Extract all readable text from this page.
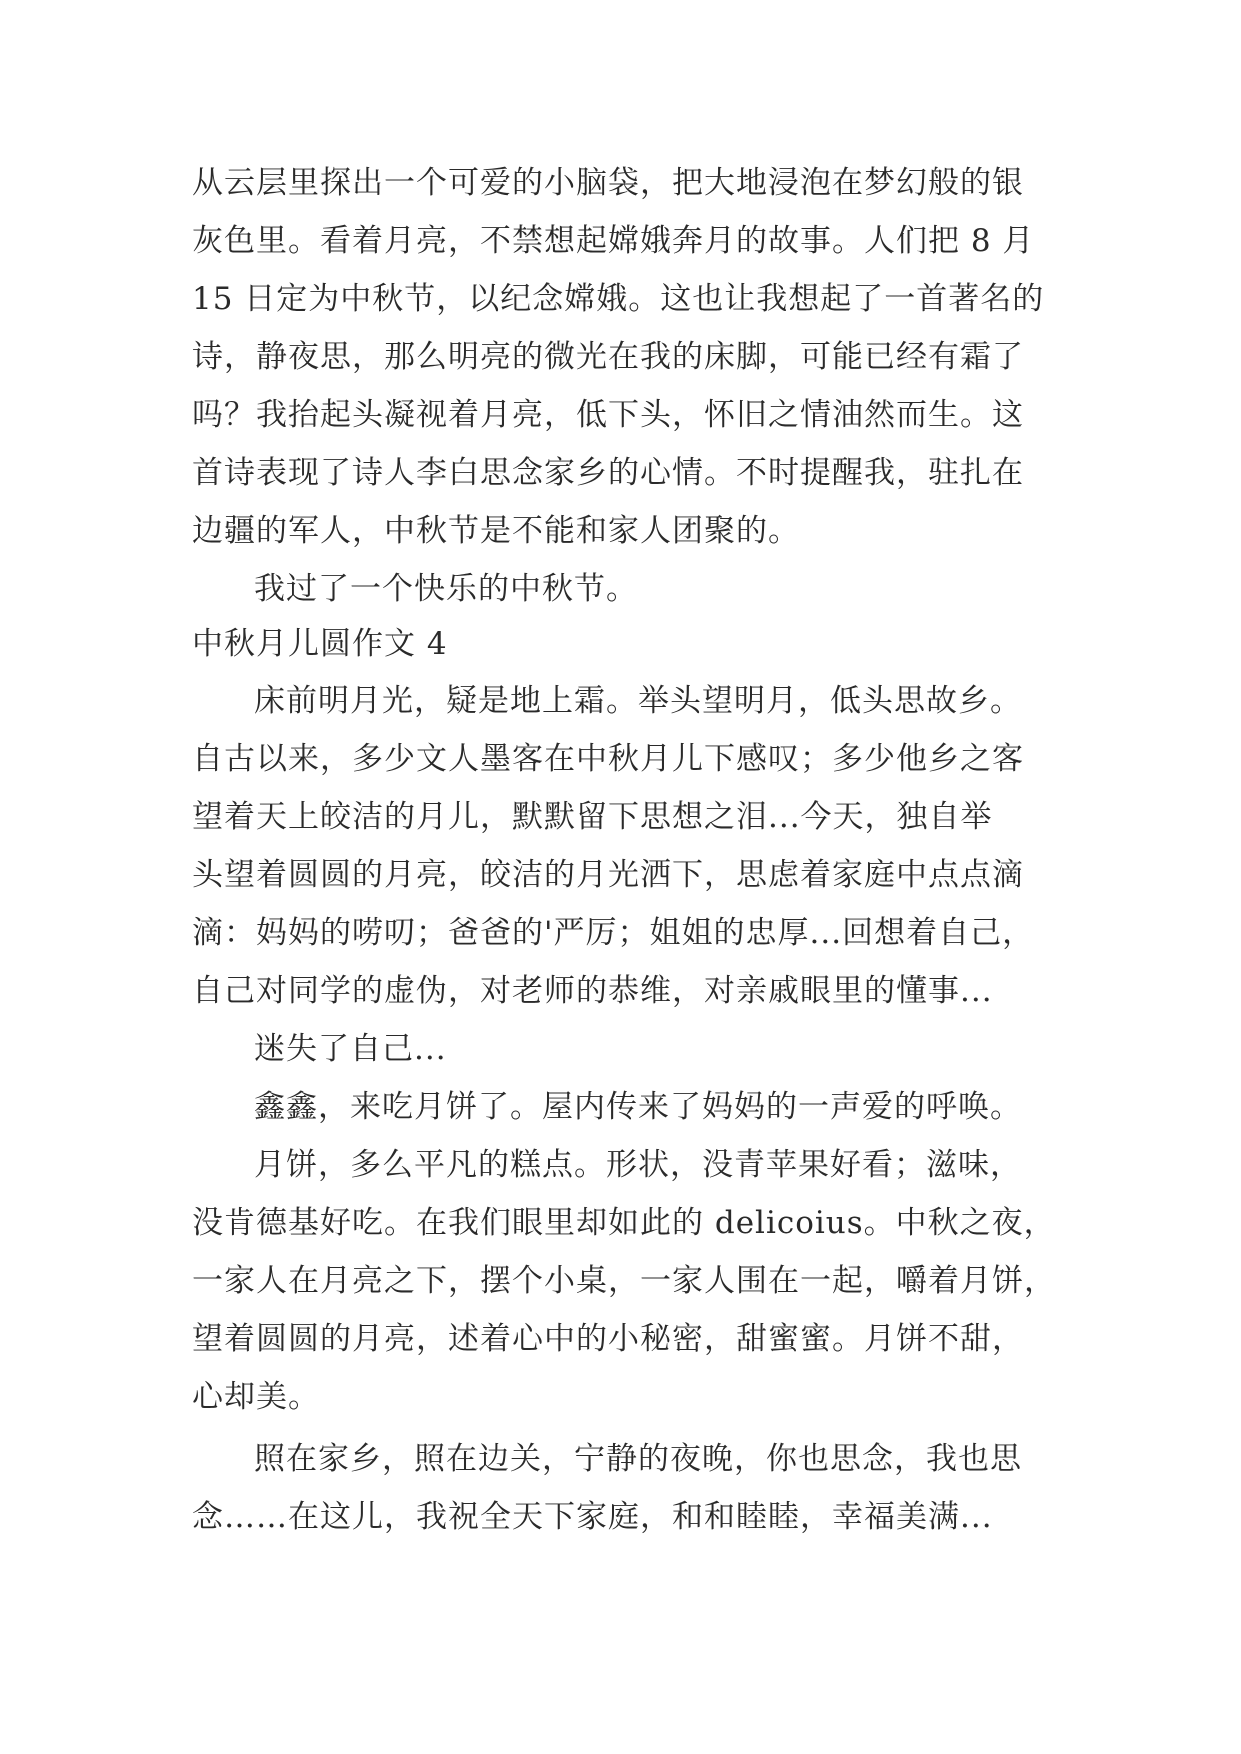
从云层里探出一个可爱的小脑袋，把大地浸泡在梦幻般的银
灰色里。看着月亮，不禁想起嫦娥奔月的故事。人们把 8 月
15 日定为中秋节，以纪念嫦娥。这也让我想起了一首著名的
诗，静夜思，那么明亮的微光在我的床脚，可能已经有霜了
吗？我抬起头凝视着月亮，低下头，怀旧之情油然而生。这
首诗表现了诗人李白思念家乡的心情。不时提醒我，驻扎在
边疆的军人，中秋节是不能和家人团聚的。
我过了一个快乐的中秋节。
中秋月儿圆作文 4
床前明月光，疑是地上霜。举头望明月，低头思故乡。
自古以来，多少文人墨客在中秋月儿下感叹；多少他乡之客
望着天上皎洁的月儿，默默留下思想之泪...今天，独自举
头望着圆圆的月亮，皎洁的月光洒下，思虑着家庭中点点滴
滴：妈妈的唠叨；爸爸的'严厉；姐姐的忠厚...回想着自己，
自己对同学的虚伪，对老师的恭维，对亲戚眼里的懂事...
迷失了自己...
鑫鑫，来吃月饼了。屋内传来了妈妈的一声爱的呼唤。
月饼，多么平凡的糕点。形状，没青苹果好看；滋味，
没肯德基好吃。在我们眼里却如此的 delicoius。中秋之夜，
一家人在月亮之下，摆个小桌，一家人围在一起，嚼着月饼，
望着圆圆的月亮，述着心中的小秘密，甜蜜蜜。月饼不甜，
心却美。
照在家乡，照在边关，宁静的夜晚，你也思念，我也思
念……在这儿，我祝全天下家庭，和和睦睦，幸福美满...
